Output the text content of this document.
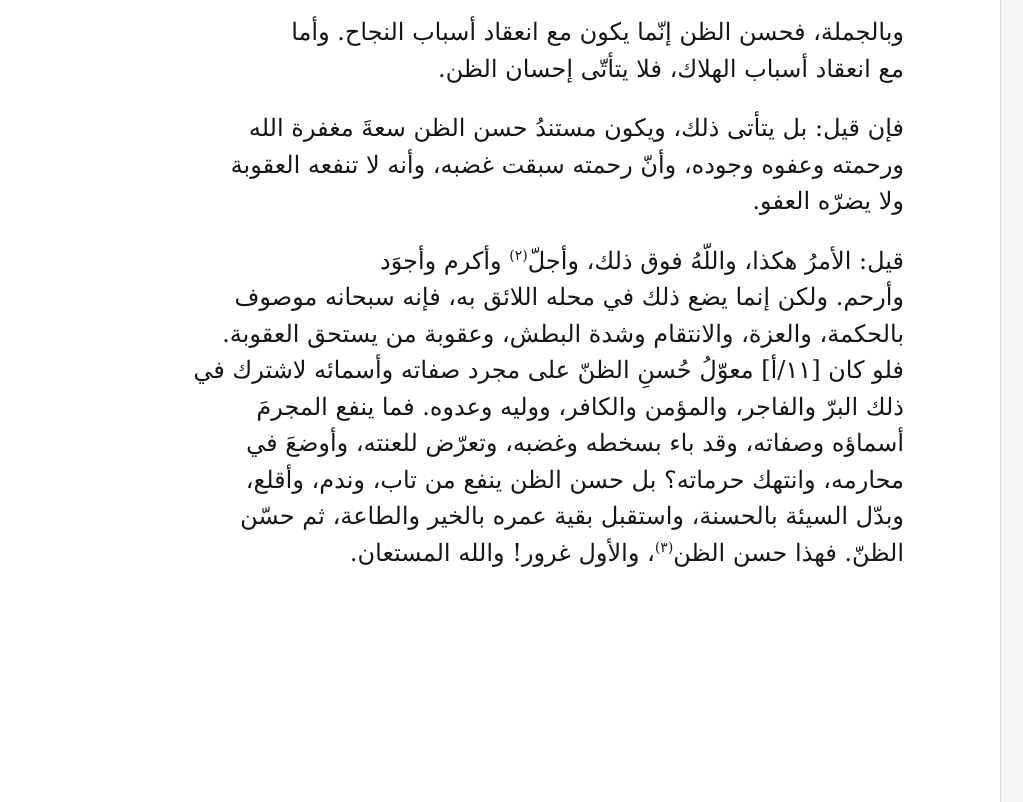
وبالجملة، فحسن الظن إنّما يكون مع انعقاد أسباب النجاح. وأما
مع انعقاد أسباب الهلاك، فلا يتأتّى إحسان الظن.

فإن قيل: بل يتأتى ذلك، ويكون مستندُ حسن الظن سعةَ مغفرة الله
ورحمته وعفوه وجوده، وأنّ رحمته سبقت غضبه، وأنه لا تنفعه العقوبة
ولا يضرّه العفو.

قيل: الأمرُ هكذا، واللّهُ فوق ذلك، وأجلّ$^{(٢)}$ وأكرم وأجوَد
وأرحم. ولكن إنما يضع ذلك في محله اللائق به، فإنه سبحانه موصوف
بالحكمة، والعزة، والانتقام وشدة البطش، وعقوبة من يستحق العقوبة.
فلو كان [١١/أ] معوّلُ حُسنِ الظنّ على مجرد صفاته وأسمائه لاشترك في
ذلك البرّ والفاجر، والمؤمن والكافر، ووليه وعدوه. فما ينفع المجرمَ
أسماؤه وصفاته، وقد باء بسخطه وغضبه، وتعرّض للعنته، وأوضعَ في
محارمه، وانتهك حرماته؟ بل حسن الظن ينفع من تاب، وندم، وأقلع،
وبدّل السيئة بالحسنة، واستقبل بقية عمره بالخير والطاعة، ثم حسّن
الظنّ. فهذا حسن الظن$^{(٣)}$، والأول غرور! والله المستعان.
